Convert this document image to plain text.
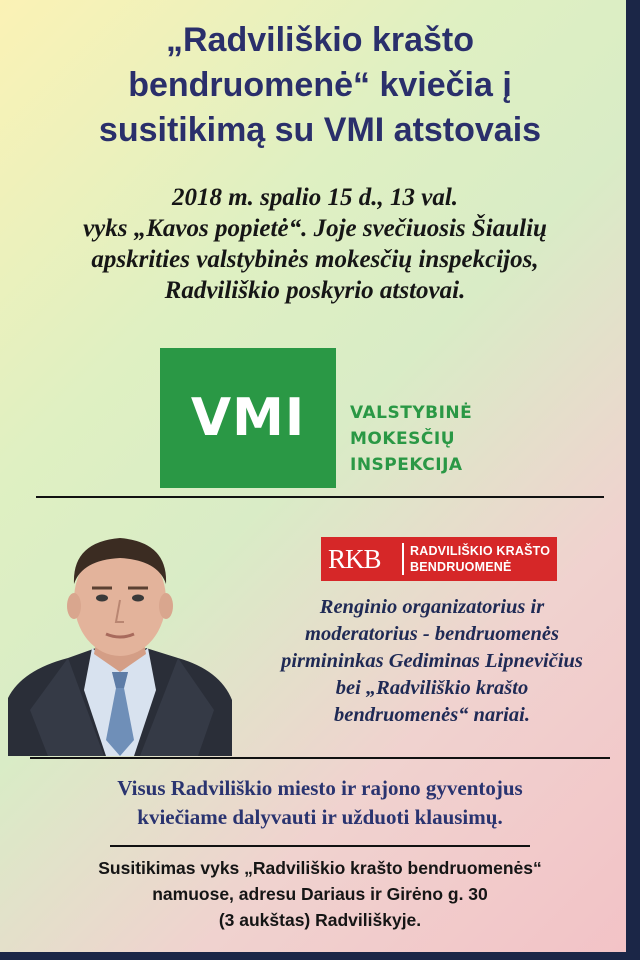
„Radviliškio krašto
bendruomenė“ kviečia į
susitikimą su VMI atstovais
2018 m. spalio 15 d., 13 val.
vyks „Kavos popietė“. Joje svečiuosis Šiaulių
apskrities valstybinės mokesčių inspekcijos,
Radviliškio poskyrio atstovai.
VMI	VALSTYBINĖ
MOKESČIŲ
INSPEKCIJA
RKB	RADVILIŠKIO KRAŠTO
BENDRUOMENĖ
Renginio organizatorius ir
moderatorius - bendruomenės
pirmininkas Gediminas Lipnevičius
bei „Radviliškio krašto
bendruomenės“ nariai.
Visus Radviliškio miesto ir rajono gyventojus
kviečiame dalyvauti ir užduoti klausimų.
Susitikimas vyks „Radviliškio krašto bendruomenės“
namuose, adresu Dariaus ir Girėno g. 30
(3 aukštas) Radviliškyje.
